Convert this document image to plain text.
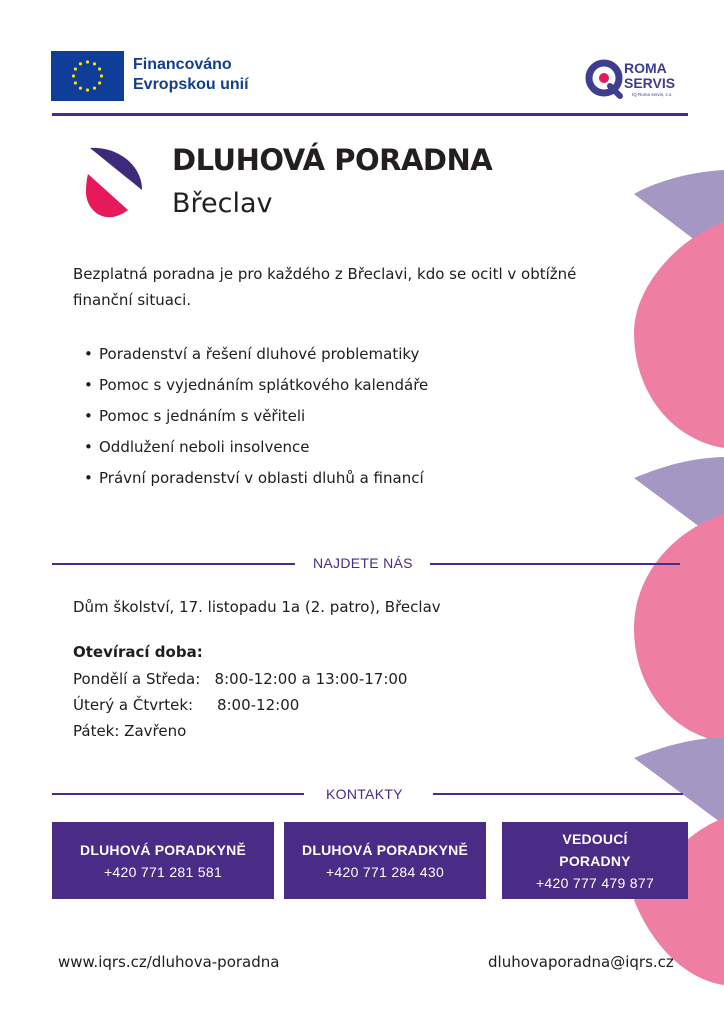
Financováno
Evropskou unií
ROMA
SERVIS
IQ Roma servis, z.s.
DLUHOVÁ PORADNA
Břeclav

Bezplatná poradna je pro každého z Břeclavi, kdo se ocitl v obtížné finanční situaci.

• Poradenství a řešení dluhové problematiky
• Pomoc s vyjednáním splátkového kalendáře
• Pomoc s jednáním s věřiteli
• Oddlužení neboli insolvence
• Právní poradenství v oblasti dluhů a financí
NAJDETE NÁS
Dům školství, 17. listopadu 1a (2. patro), Břeclav
Otevírací doba:
Pondělí a Středa:   8:00-12:00 a 13:00-17:00
Úterý a Čtvrtek:     8:00-12:00
Pátek: Zavřeno
KONTAKTY
DLUHOVÁ PORADKYNĚ
+420 771 281 581
DLUHOVÁ PORADKYNĚ
+420 771 284 430
VEDOUCÍ
PORADNY
+420 777 479 877
www.iqrs.cz/dluhova-poradna	dluhovaporadna@iqrs.cz
